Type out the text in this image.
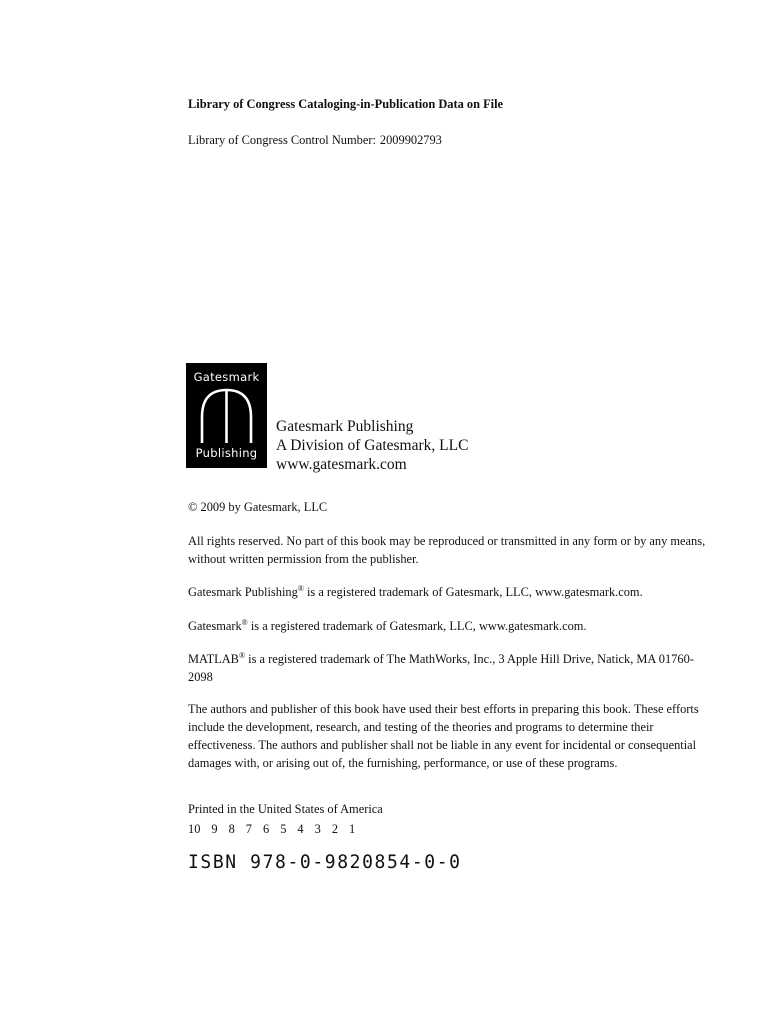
Library of Congress Cataloging-in-Publication Data on File

Library of Congress Control Number: 2009902793

Gatesmark
Publishing
Gatesmark Publishing
A Division of Gatesmark, LLC
www.gatesmark.com

© 2009 by Gatesmark, LLC

All rights reserved. No part of this book may be reproduced or transmitted in any form or by any means, without written permission from the publisher.

Gatesmark Publishing® is a registered trademark of Gatesmark, LLC, www.gatesmark.com.

Gatesmark® is a registered trademark of Gatesmark, LLC, www.gatesmark.com.

MATLAB® is a registered trademark of The MathWorks, Inc., 3 Apple Hill Drive, Natick, MA 01760-2098

The authors and publisher of this book have used their best efforts in preparing this book. These efforts include the development, research, and testing of the theories and programs to determine their effectiveness. The authors and publisher shall not be liable in any event for incidental or consequential damages with, or arising out of, the furnishing, performance, or use of these programs.

Printed in the United States of America

10 9 8 7 6 5 4 3 2 1

ISBN 978-0-9820854-0-0
